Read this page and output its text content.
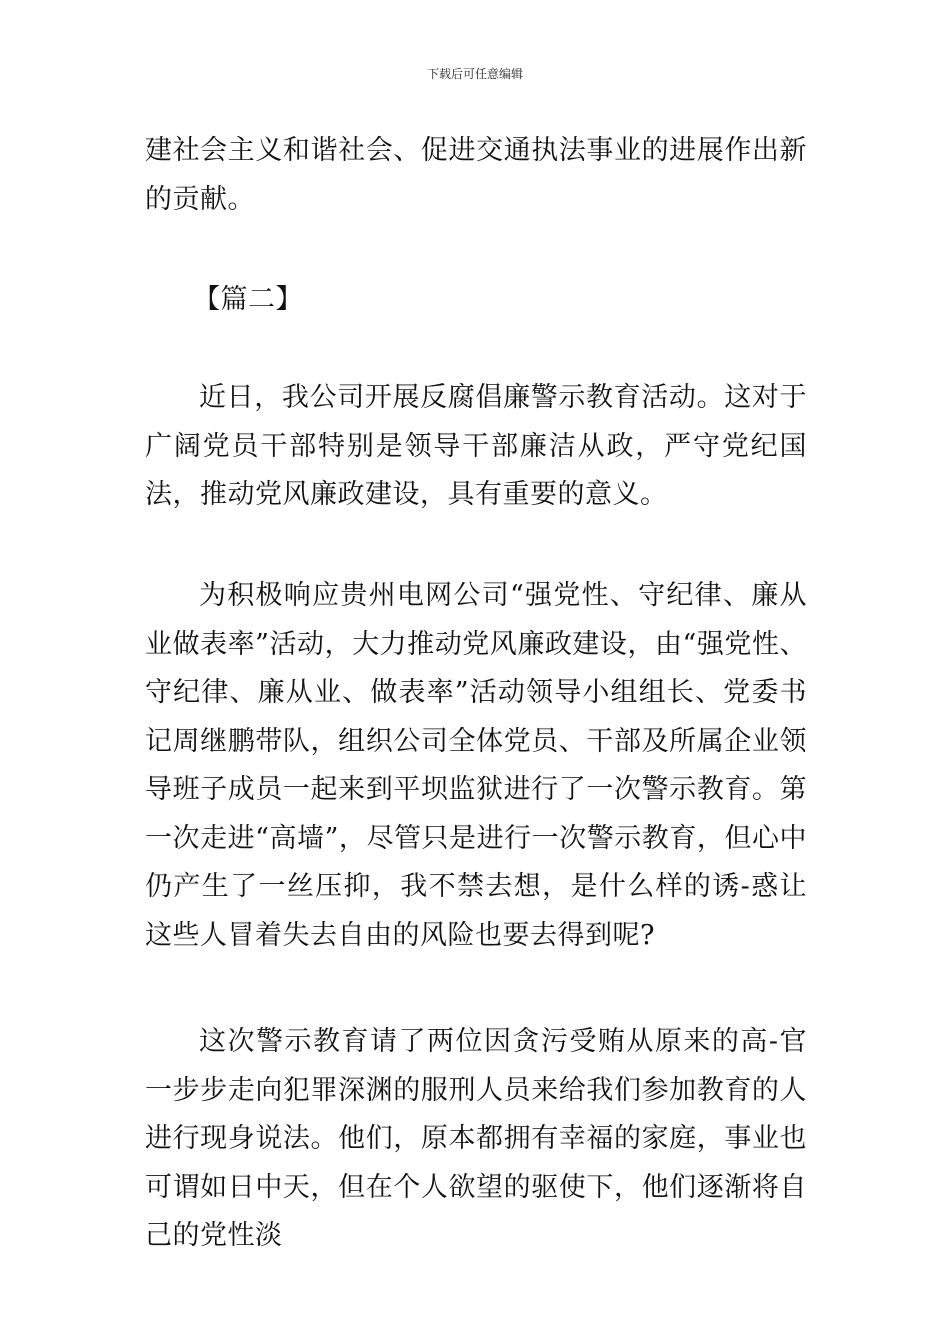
下载后可任意编辑

建社会主义和谐社会、促进交通执法事业的进展作出新的贡献。

【篇二】

近日，我公司开展反腐倡廉警示教育活动。这对于广阔党员干部特别是领导干部廉洁从政，严守党纪国法，推动党风廉政建设，具有重要的意义。

为积极响应贵州电网公司“强党性、守纪律、廉从业做表率”活动，大力推动党风廉政建设，由“强党性、守纪律、廉从业、做表率”活动领导小组组长、党委书记周继鹏带队，组织公司全体党员、干部及所属企业领导班子成员一起来到平坝监狱进行了一次警示教育。第一次走进“高墙”，尽管只是进行一次警示教育，但心中仍产生了一丝压抑，我不禁去想，是什么样的诱-惑让这些人冒着失去自由的风险也要去得到呢?

这次警示教育请了两位因贪污受贿从原来的高-官一步步走向犯罪深渊的服刑人员来给我们参加教育的人进行现身说法。他们，原本都拥有幸福的家庭，事业也可谓如日中天，但在个人欲望的驱使下，他们逐渐将自己的党性淡
